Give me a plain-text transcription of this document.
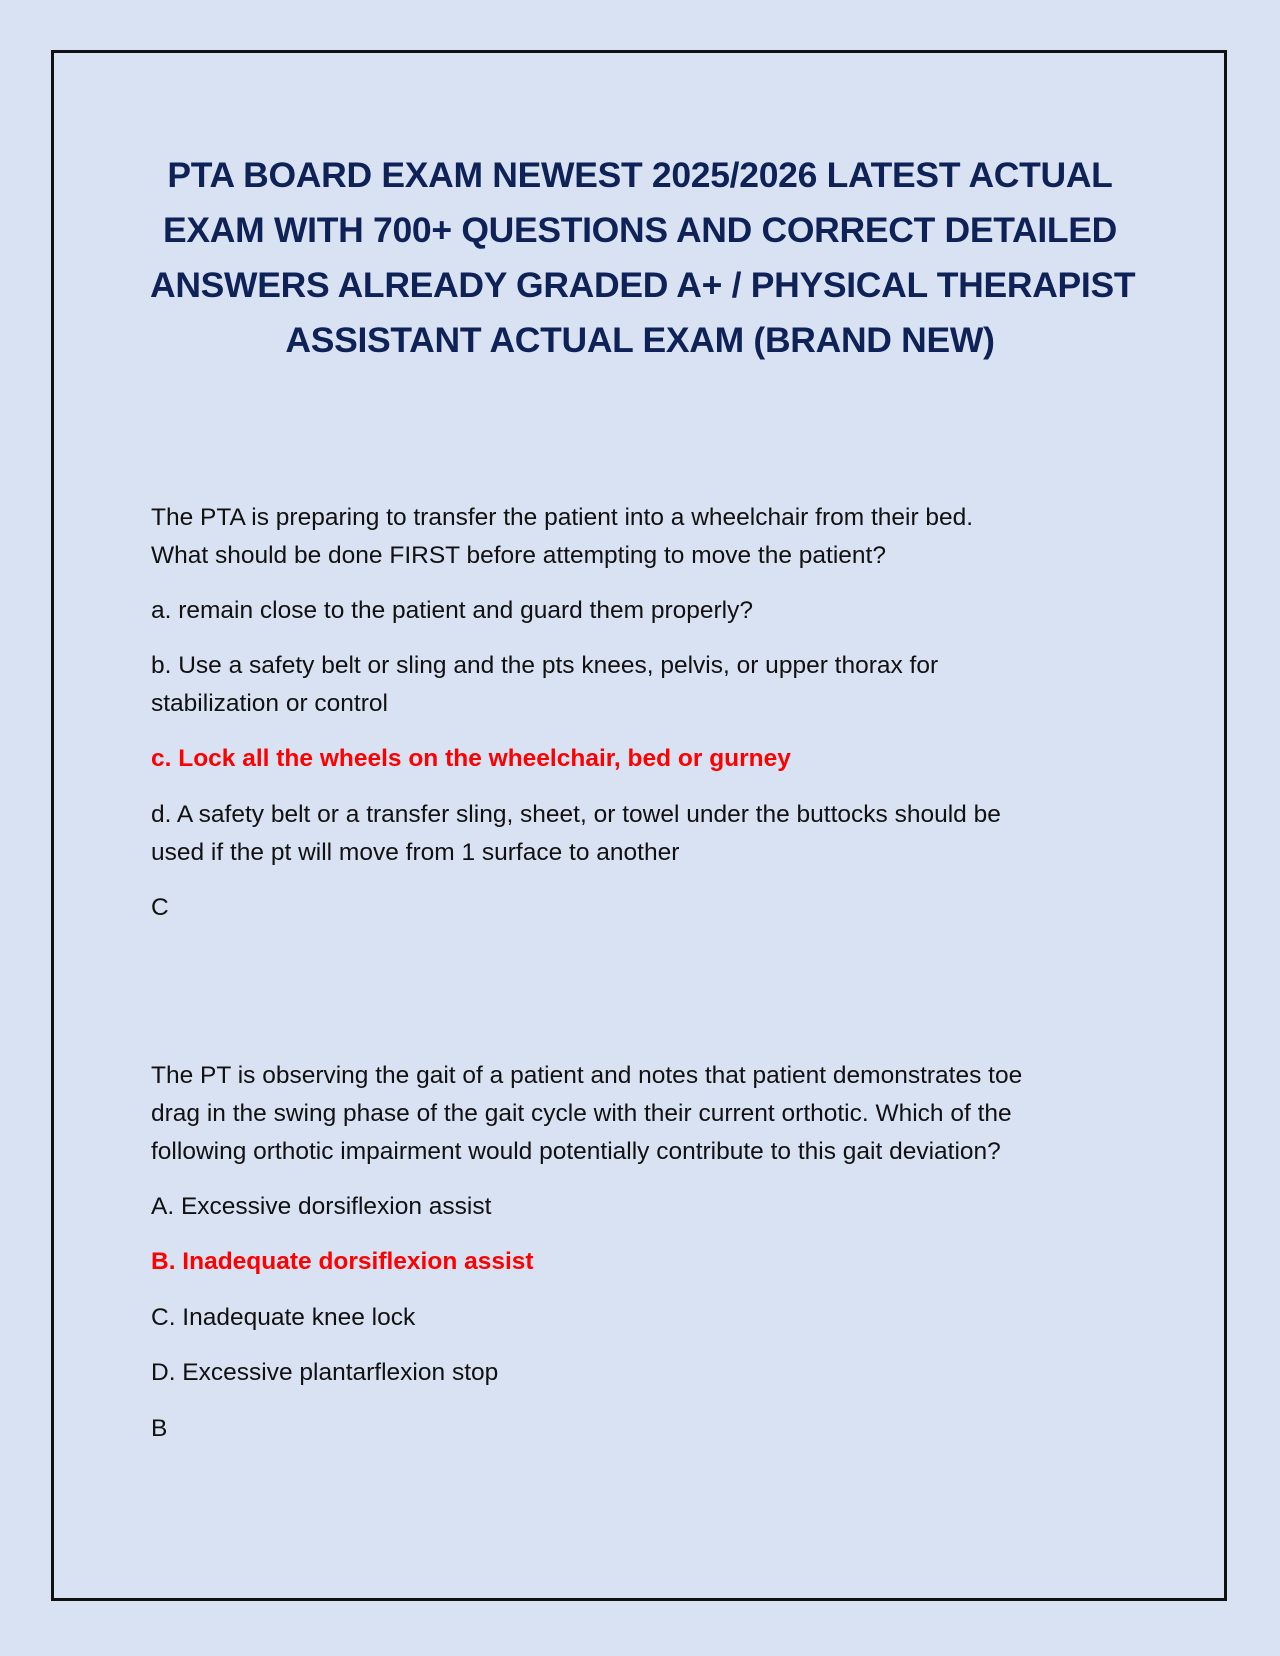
PTA BOARD EXAM NEWEST 2025/2026 LATEST ACTUAL
EXAM WITH 700+ QUESTIONS AND CORRECT DETAILED
ANSWERS ALREADY GRADED A+ / PHYSICAL THERAPIST
ASSISTANT ACTUAL EXAM (BRAND NEW)

The PTA is preparing to transfer the patient into a wheelchair from their bed.
What should be done FIRST before attempting to move the patient?

a. remain close to the patient and guard them properly?

b. Use a safety belt or sling and the pts knees, pelvis, or upper thorax for
stabilization or control

c. Lock all the wheels on the wheelchair, bed or gurney

d. A safety belt or a transfer sling, sheet, or towel under the buttocks should be
used if the pt will move from 1 surface to another

C

The PT is observing the gait of a patient and notes that patient demonstrates toe
drag in the swing phase of the gait cycle with their current orthotic. Which of the
following orthotic impairment would potentially contribute to this gait deviation?

A. Excessive dorsiflexion assist

B. Inadequate dorsiflexion assist

C. Inadequate knee lock

D. Excessive plantarflexion stop

B
